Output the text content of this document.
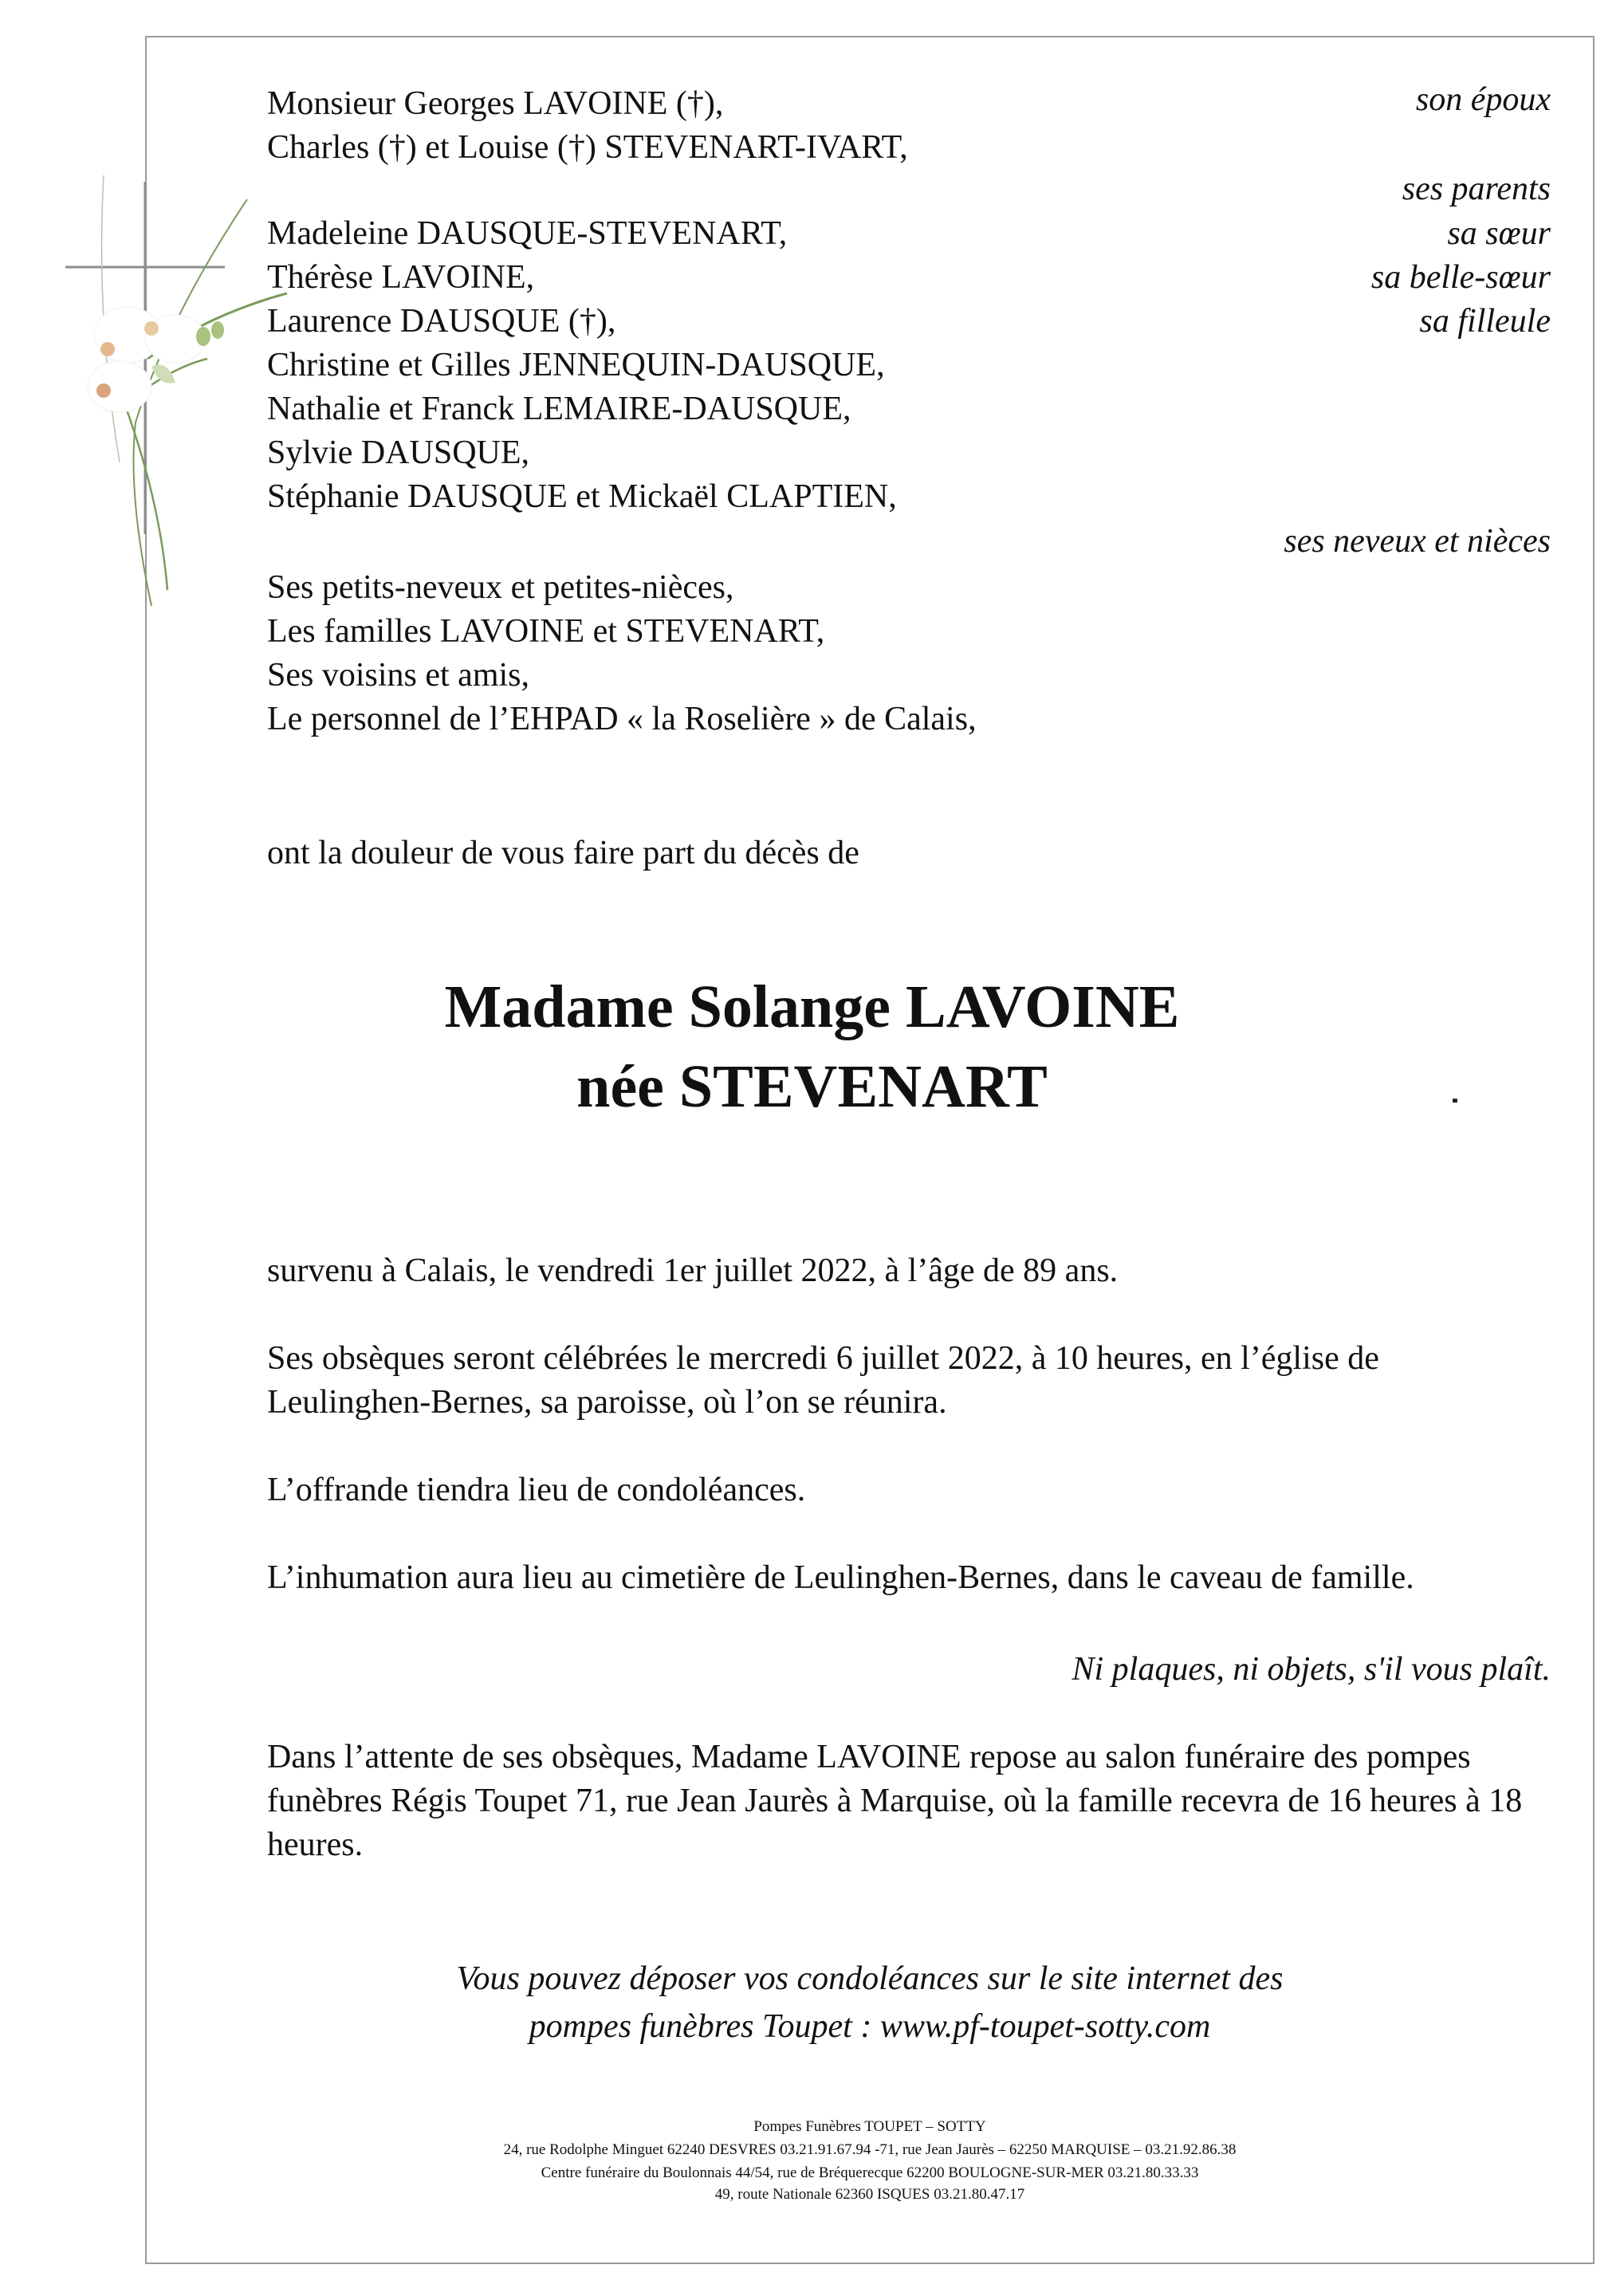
Monsieur Georges LAVOINE (†),
Charles (†) et Louise (†) STEVENART-IVART,
son époux
ses parents
Madeleine DAUSQUE-STEVENART,
Thérèse LAVOINE,
Laurence DAUSQUE (†),
Christine et Gilles JENNEQUIN-DAUSQUE,
Nathalie et Franck LEMAIRE-DAUSQUE,
Sylvie DAUSQUE,
Stéphanie DAUSQUE et Mickaël CLAPTIEN,
sa sœur
sa belle-sœur
sa filleule
ses neveux et nièces
Ses petits-neveux et petites-nièces,
Les familles LAVOINE et STEVENART,
Ses voisins et amis,
Le personnel de l’EHPAD « la Roselière » de Calais,
ont la douleur de vous faire part du décès de
Madame Solange LAVOINE
née STEVENART
survenu à Calais, le vendredi 1er juillet 2022, à l’âge de 89 ans.
Ses obsèques seront célébrées le mercredi 6 juillet 2022, à 10 heures, en l’église de Leulinghen-Bernes, sa paroisse, où l’on se réunira.
L’offrande tiendra lieu de condoléances.
L’inhumation aura lieu au cimetière de Leulinghen-Bernes, dans le caveau de famille.
Ni plaques, ni objets, s'il vous plaît.
Dans l’attente de ses obsèques, Madame LAVOINE repose au salon funéraire des pompes funèbres Régis Toupet 71, rue Jean Jaurès à Marquise, où la famille recevra de 16 heures à 18 heures.
Vous pouvez déposer vos condoléances sur le site internet des
pompes funèbres Toupet : www.pf-toupet-sotty.com
Pompes Funèbres TOUPET – SOTTY
24, rue Rodolphe Minguet 62240 DESVRES 03.21.91.67.94 -71, rue Jean Jaurès – 62250 MARQUISE – 03.21.92.86.38
Centre funéraire du Boulonnais 44/54, rue de Bréquerecque 62200 BOULOGNE-SUR-MER 03.21.80.33.33
49, route Nationale 62360 ISQUES 03.21.80.47.17
